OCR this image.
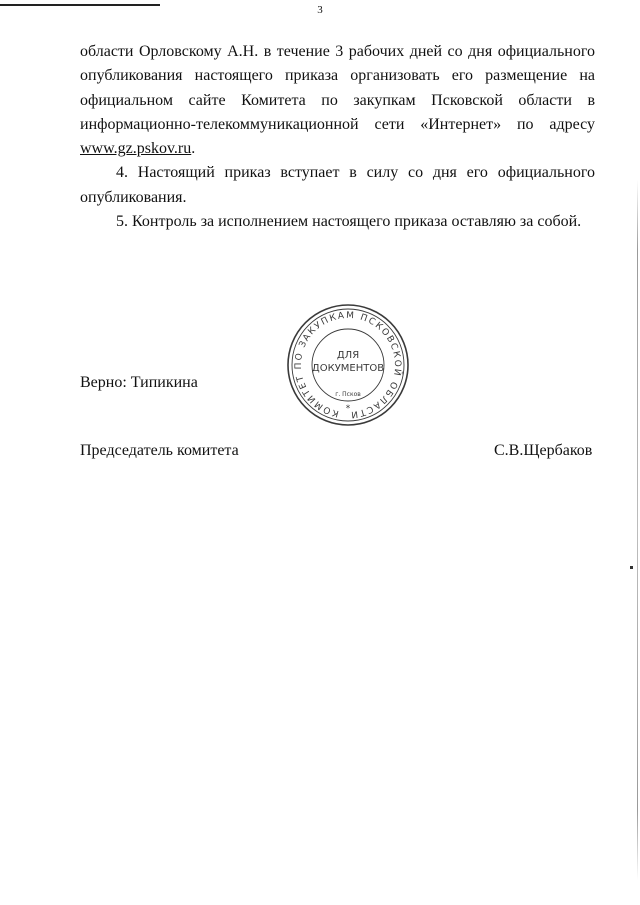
3

области Орловскому А.Н. в течение 3 рабочих дней со дня официального опубликования настоящего приказа организовать его размещение на официальном сайте Комитета по закупкам Псковской области в информационно-телекоммуникационной сети «Интернет» по адресу www.gz.pskov.ru.

4. Настоящий приказ вступает в силу со дня его официального опубликования.

5. Контроль за исполнением настоящего приказа оставляю за собой.

Председатель комитета	С.В.Щербаков
КОМИТЕТ ПО ЗАКУПКАМ ПСКОВСКОЙ ОБЛАСТИ
ДЛЯ
ДОКУМЕНТОВ
г. Псков
*
Верно: Типикина
